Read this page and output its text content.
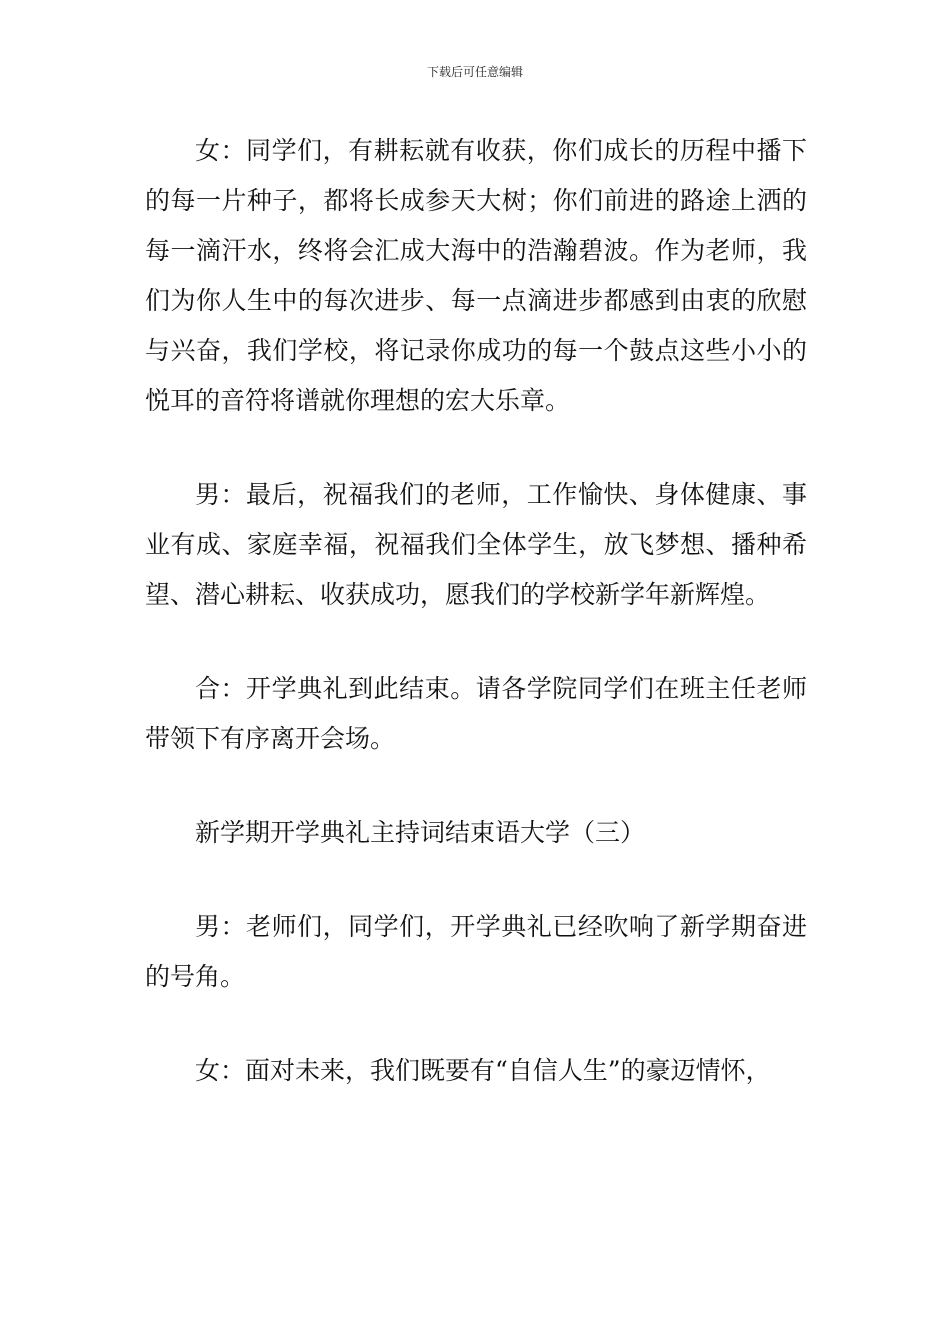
下载后可任意编辑

女：同学们，有耕耘就有收获，你们成长的历程中播下的每一片种子，都将长成参天大树；你们前进的路途上洒的每一滴汗水，终将会汇成大海中的浩瀚碧波。作为老师，我们为你人生中的每次进步、每一点滴进步都感到由衷的欣慰与兴奋，我们学校，将记录你成功的每一个鼓点这些小小的悦耳的音符将谱就你理想的宏大乐章。

男：最后，祝福我们的老师，工作愉快、身体健康、事业有成、家庭幸福，祝福我们全体学生，放飞梦想、播种希望、潜心耕耘、收获成功，愿我们的学校新学年新辉煌。

合：开学典礼到此结束。请各学院同学们在班主任老师带领下有序离开会场。

新学期开学典礼主持词结束语大学（三）

男：老师们，同学们，开学典礼已经吹响了新学期奋进的号角。

女：面对未来，我们既要有“自信人生”的豪迈情怀，
